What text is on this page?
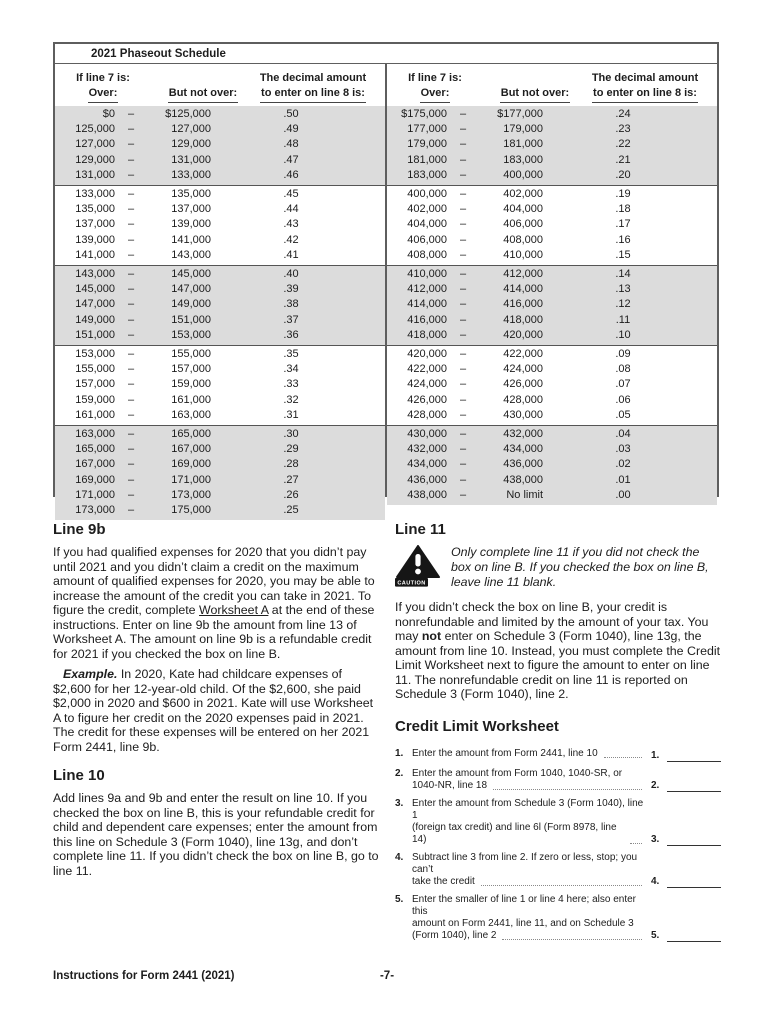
2021 Phaseout Schedule
If line 7 is:
Over:	But not over:
The decimal amount
to enter on line 8 is:
$0	–	$125,000	.50
125,000	–	127,000	.49
127,000	–	129,000	.48
129,000	–	131,000	.47
131,000	–	133,000	.46
133,000	–	135,000	.45
135,000	–	137,000	.44
137,000	–	139,000	.43
139,000	–	141,000	.42
141,000	–	143,000	.41
143,000	–	145,000	.40
145,000	–	147,000	.39
147,000	–	149,000	.38
149,000	–	151,000	.37
151,000	–	153,000	.36
153,000	–	155,000	.35
155,000	–	157,000	.34
157,000	–	159,000	.33
159,000	–	161,000	.32
161,000	–	163,000	.31
163,000	–	165,000	.30
165,000	–	167,000	.29
167,000	–	169,000	.28
169,000	–	171,000	.27
171,000	–	173,000	.26
173,000	–	175,000	.25
If line 7 is:
Over:	But not over:
The decimal amount
to enter on line 8 is:
$175,000	–	$177,000	.24
177,000	–	179,000	.23
179,000	–	181,000	.22
181,000	–	183,000	.21
183,000	–	400,000	.20
400,000	–	402,000	.19
402,000	–	404,000	.18
404,000	–	406,000	.17
406,000	–	408,000	.16
408,000	–	410,000	.15
410,000	–	412,000	.14
412,000	–	414,000	.13
414,000	–	416,000	.12
416,000	–	418,000	.11
418,000	–	420,000	.10
420,000	–	422,000	.09
422,000	–	424,000	.08
424,000	–	426,000	.07
426,000	–	428,000	.06
428,000	–	430,000	.05
430,000	–	432,000	.04
432,000	–	434,000	.03
434,000	–	436,000	.02
436,000	–	438,000	.01
438,000	–	No limit	.00
Line 9b

If you had qualified expenses for 2020 that you didn’t pay until 2021 and you didn’t claim a credit on the maximum amount of qualified expenses for 2020, you may be able to increase the amount of the credit you can take in 2021. To figure the credit, complete Worksheet A at the end of these instructions. Enter on line 9b the amount from line 13 of Worksheet A. The amount on line 9b is a refundable credit for 2021 if you checked the box on line B.

Example. In 2020, Kate had childcare expenses of $2,600 for her 12-year-old child. Of the $2,600, she paid $2,000 in 2020 and $600 in 2021. Kate will use Worksheet A to figure her credit on the 2020 expenses paid in 2021. The credit for these expenses will be entered on her 2021 Form 2441, line 9b.

Line 10

Add lines 9a and 9b and enter the result on line 10. If you checked the box on line B, this is your refundable credit for child and dependent care expenses; enter the amount from this line on Schedule 3 (Form 1040), line 13g, and don’t complete line 11. If you didn’t check the box on line B, go to line 11.

Line 11
CAUTION

Only complete line 11 if you did not check the box on line B. If you checked the box on line B, leave line 11 blank.

If you didn’t check the box on line B, your credit is nonrefundable and limited by the amount of your tax. You may not enter on Schedule 3 (Form 1040), line 13g, the amount from line 10. Instead, you must complete the Credit Limit Worksheet next to figure the amount to enter on line 11. The nonrefundable credit on line 11 is reported on Schedule 3 (Form 1040), line 2.

Credit Limit Worksheet
1. Enter the amount from Form 2441, line 10	1.
2. Enter the amount from Form 1040, 1040-SR, or
1040-NR, line 18	2.
3. Enter the amount from Schedule 3 (Form 1040), line 1
(foreign tax credit) and line 6l (Form 8978, line 14)	3.
4. Subtract line 3 from line 2. If zero or less, stop; you can’t
take the credit	4.
5. Enter the smaller of line 1 or line 4 here; also enter this
amount on Form 2441, line 11, and on Schedule 3
(Form 1040), line 2	5.
Instructions for Form 2441 (2021)	-7-
